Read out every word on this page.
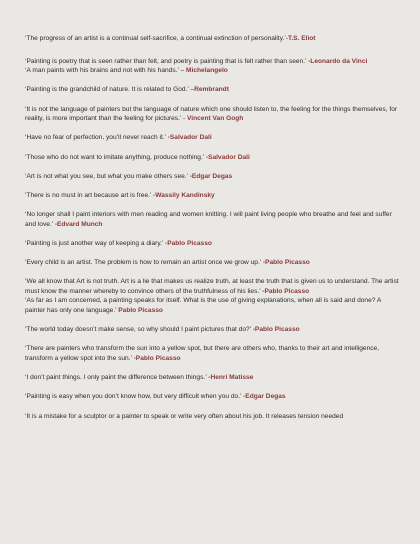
‘The progress of an artist is a continual self-sacrifice, a continual extinction of personality.’-T.S. Eliot

‘Painting is poetry that is seen rather than felt, and poetry is painting that is felt rather than seen.’ -Leonardo da Vinci

‘A man paints with his brains and not with his hands.’ – Michelangelo

‘Painting is the grandchild of nature. It is related to God.’ –Rembrandt

‘It is not the language of painters but the language of nature which one should listen to, the feeling for the things themselves, for reality, is more important than the feeling for pictures.’ - Vincent Van Gogh

‘Have no fear of perfection, you’ll never reach it.’ -Salvador Dali

‘Those who do not want to imitate anything, produce nothing.’ -Salvador Dali

‘Art is not what you see, but what you make others see.’ -Edgar Degas

‘There is no must in art because art is free.’ -Wassily Kandinsky

‘No longer shall I paint interiors with men reading and women knitting. I will paint living people who breathe and feel and suffer and love.’ -Edvard Munch

‘Painting is just another way of keeping a diary.’ -Pablo Picasso

‘Every child is an artist. The problem is how to remain an artist once we grow up.’ -Pablo Picasso

‘We all know that Art is not truth. Art is a lie that makes us realize truth, at least the truth that is given us to understand. The artist must know the manner whereby to convince others of the truthfulness of his lies.’ -Pablo Picasso

‘As far as I am concerned, a painting speaks for itself. What is the use of giving explanations, when all is said and done? A painter has only one language.’ Pablo Picasso

‘The world today doesn’t make sense, so why should I paint pictures that do?’ -Pablo Picasso

‘There are painters who transform the sun into a yellow spot, but there are others who, thanks to their art and intelligence, transform a yellow spot into the sun.’ -Pablo Picasso

‘I don’t paint things. I only paint the difference between things.’ -Henri Matisse

‘Painting is easy when you don’t know how, but very difficult when you do.’ -Edgar Degas

‘It is a mistake for a sculptor or a painter to speak or write very often about his job. It releases tension needed
